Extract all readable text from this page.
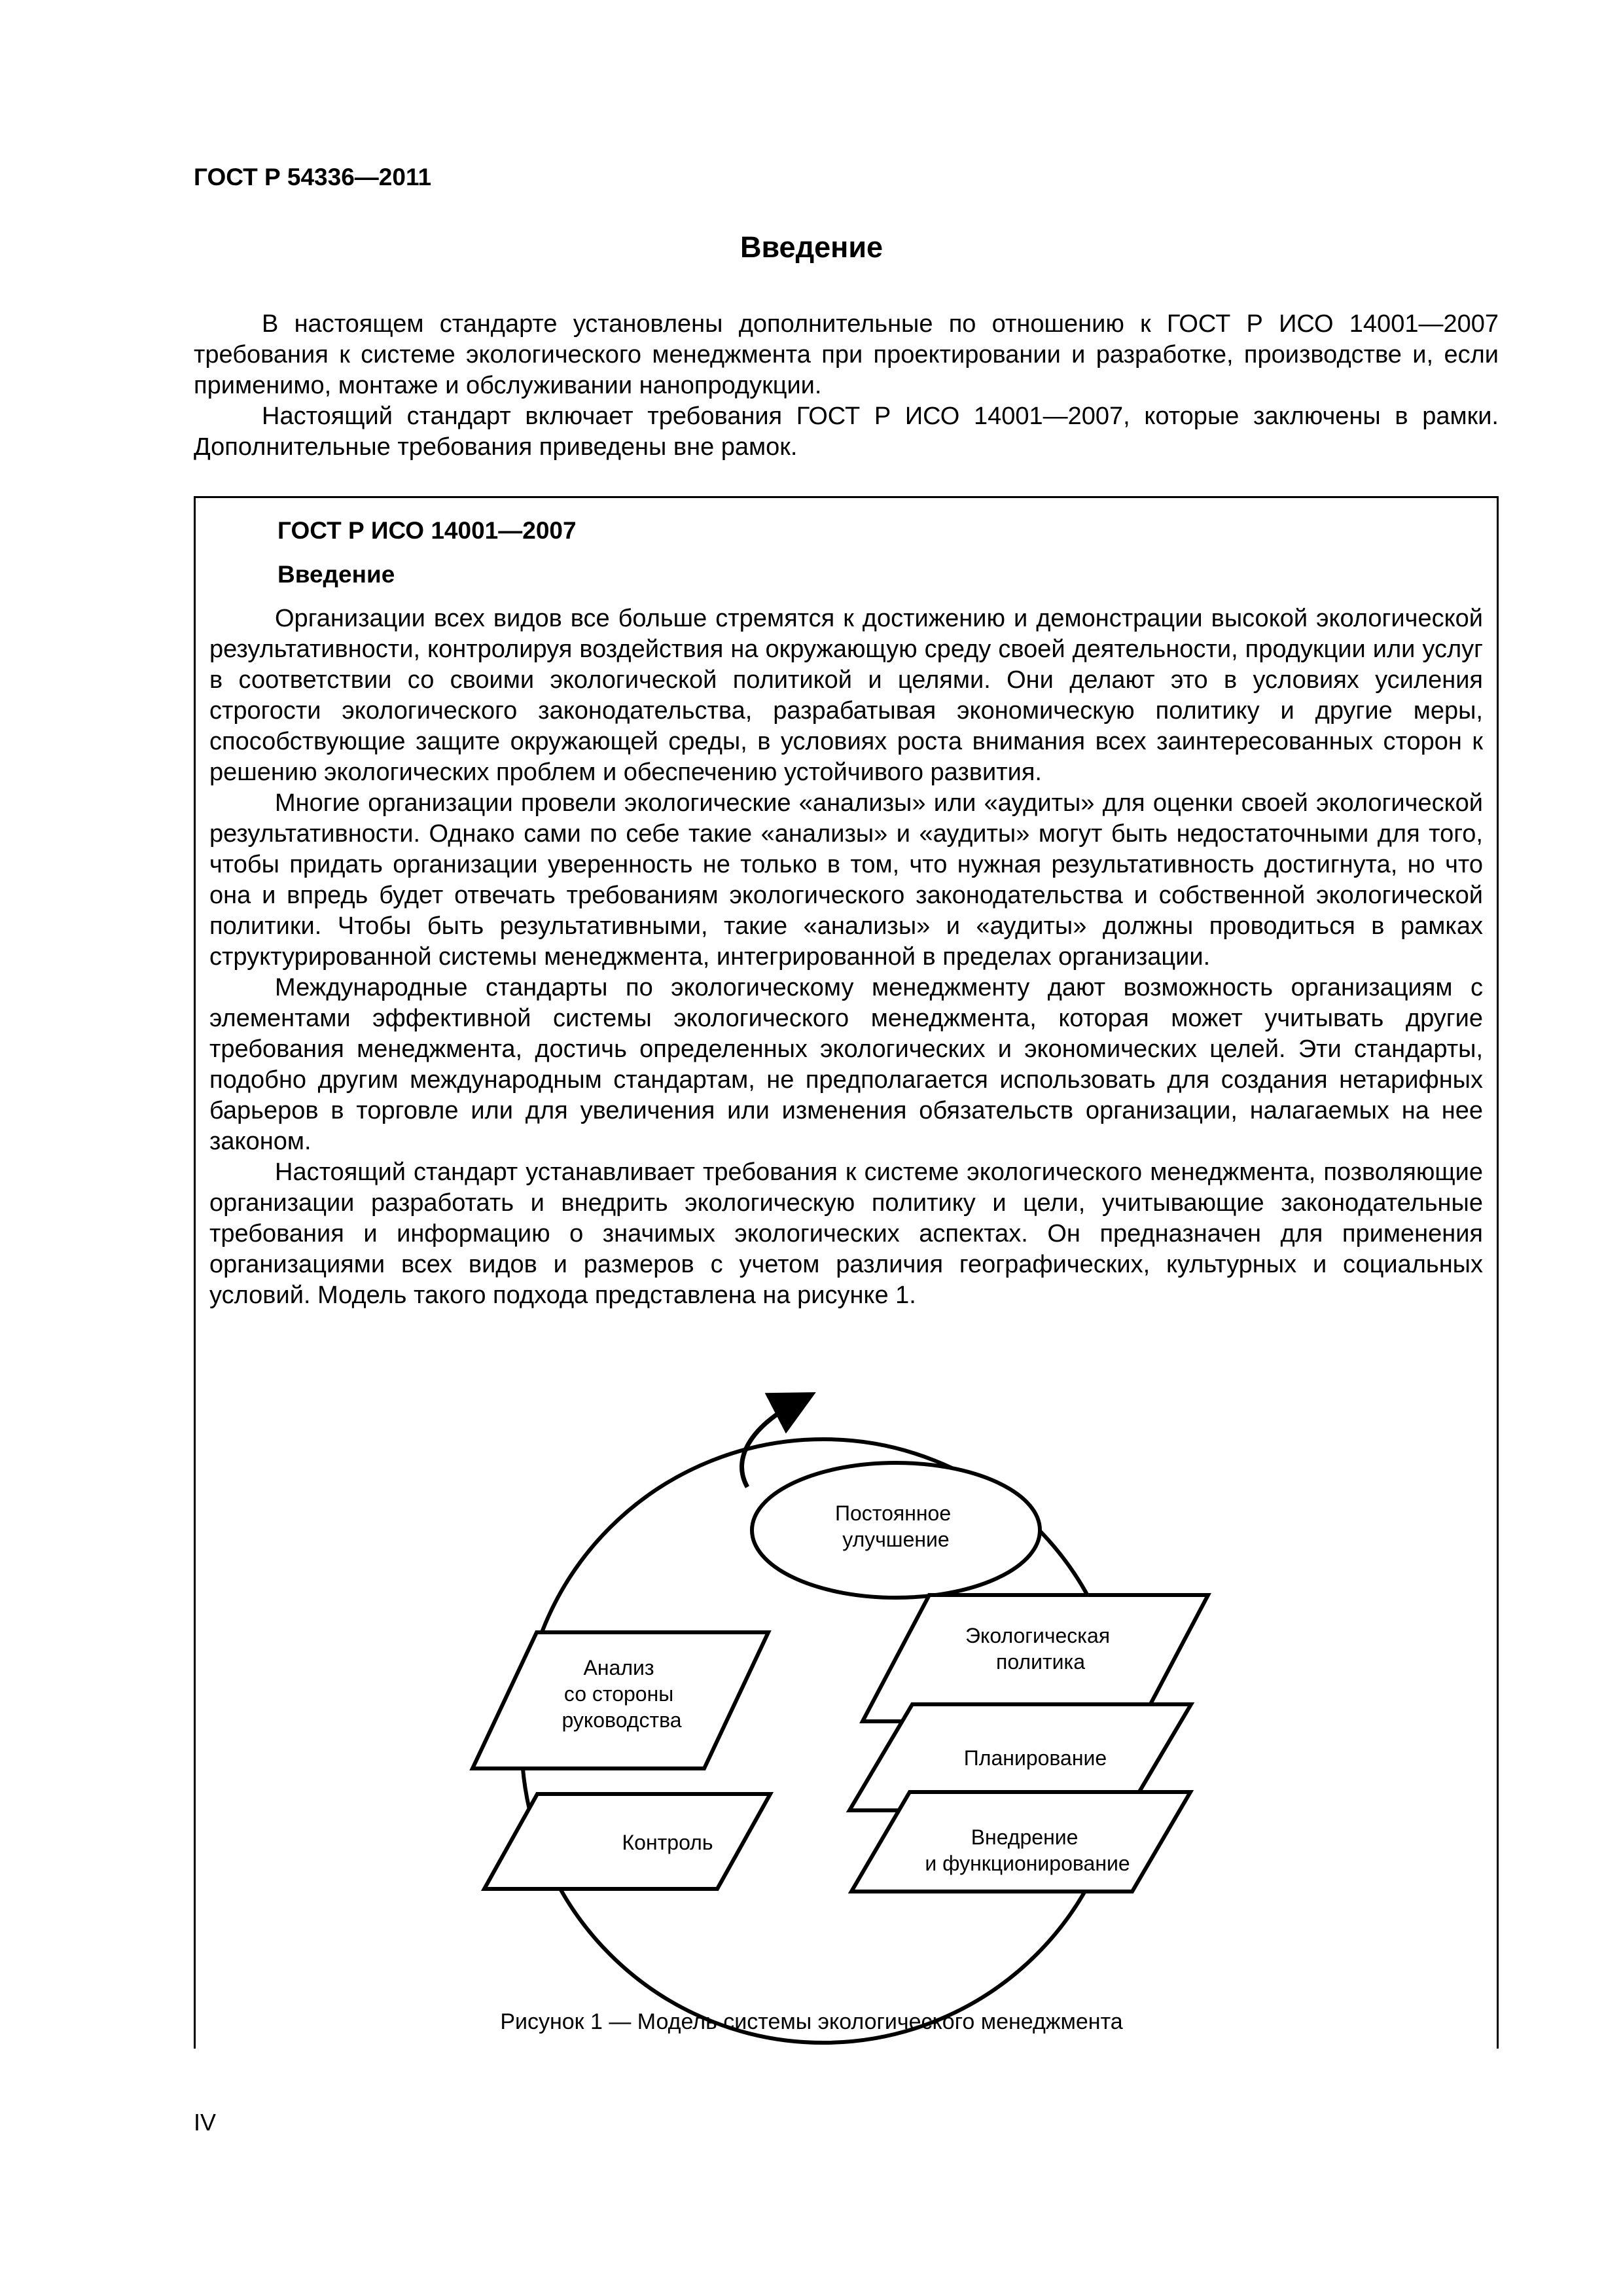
ГОСТ Р 54336—2011
Введение

В настоящем стандарте установлены дополнительные по отношению к ГОСТ Р ИСО 14001—2007 требования к системе экологического менеджмента при проектировании и разработке, производстве и, если применимо, монтаже и обслуживании нанопродукции.

Настоящий стандарт включает требования ГОСТ Р ИСО 14001—2007, которые заключены в рамки. Дополнительные требования приведены вне рамок.

ГОСТ Р ИСО 14001—2007
Введение

Организации всех видов все больше стремятся к достижению и демонстрации высокой экологической результативности, контролируя воздействия на окружающую среду своей деятельности, продукции или услуг в соответствии со своими экологической политикой и целями. Они делают это в условиях усиления строгости экологического законодательства, разрабатывая экономическую политику и другие меры, способствующие защите окружающей среды, в условиях роста внимания всех заинтересованных сторон к решению экологических проблем и обеспечению устойчивого развития.

Многие организации провели экологические «анализы» или «аудиты» для оценки своей экологической результативности. Однако сами по себе такие «анализы» и «аудиты» могут быть недостаточными для того, чтобы придать организации уверенность не только в том, что нужная результативность достигнута, но что она и впредь будет отвечать требованиям экологического законодательства и собственной экологической политики. Чтобы быть результативными, такие «анализы» и «аудиты» должны проводиться в рамках структурированной системы менеджмента, интегрированной в пределах организации.

Международные стандарты по экологическому менеджменту дают возможность организациям с элементами эффективной системы экологического менеджмента, которая может учитывать другие требования менеджмента, достичь определенных экологических и экономических целей. Эти стандарты, подобно другим международным стандартам, не предполагается использовать для создания нетарифных барьеров в торговле или для увеличения или изменения обязательств организации, налагаемых на нее законом.

Настоящий стандарт устанавливает требования к системе экологического менеджмента, позволяющие организации разработать и внедрить экологическую политику и цели, учитывающие законодательные требования и информацию о значимых экологических аспектах. Он предназначен для применения организациями всех видов и размеров с учетом различия географических, культурных и социальных условий. Модель такого подхода представлена на рисунке 1.

Постоянное улучшение
Анализ со стороны руководства
Контроль
Экологическая политика
Планирование
Внедрение и функционирование
Рисунок 1 — Модель системы экологического менеджмента
IV
